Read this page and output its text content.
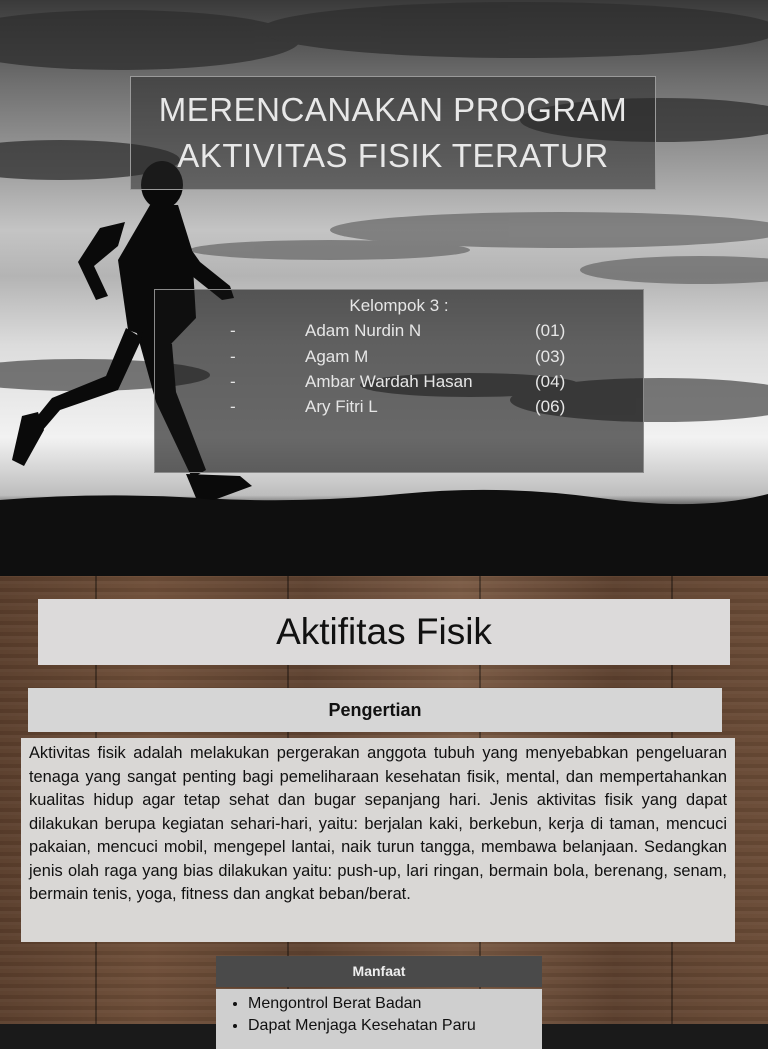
MERENCANAKAN PROGRAM
AKTIVITAS FISIK TERATUR
Kelompok 3 :
-	Adam Nurdin N	(01)
-	Agam M	(03)
-	Ambar Wardah Hasan	(04)
-	Ary Fitri L	(06)
Aktifitas Fisik
Pengertian
Aktivitas fisik adalah melakukan pergerakan anggota tubuh yang menyebabkan pengeluaran tenaga yang sangat penting bagi pemeliharaan kesehatan fisik, mental, dan mempertahankan kualitas hidup agar tetap sehat dan bugar sepanjang hari. Jenis aktivitas fisik yang dapat dilakukan berupa kegiatan sehari-hari, yaitu: berjalan kaki, berkebun, kerja di taman, mencuci pakaian, mencuci mobil, mengepel lantai, naik turun tangga, membawa belanjaan. Sedangkan jenis olah raga yang bias dilakukan yaitu: push-up, lari ringan, bermain bola, berenang, senam, bermain tenis, yoga, fitness dan angkat beban/berat.
Manfaat
• Mengontrol Berat Badan
• Dapat Menjaga Kesehatan Paru
